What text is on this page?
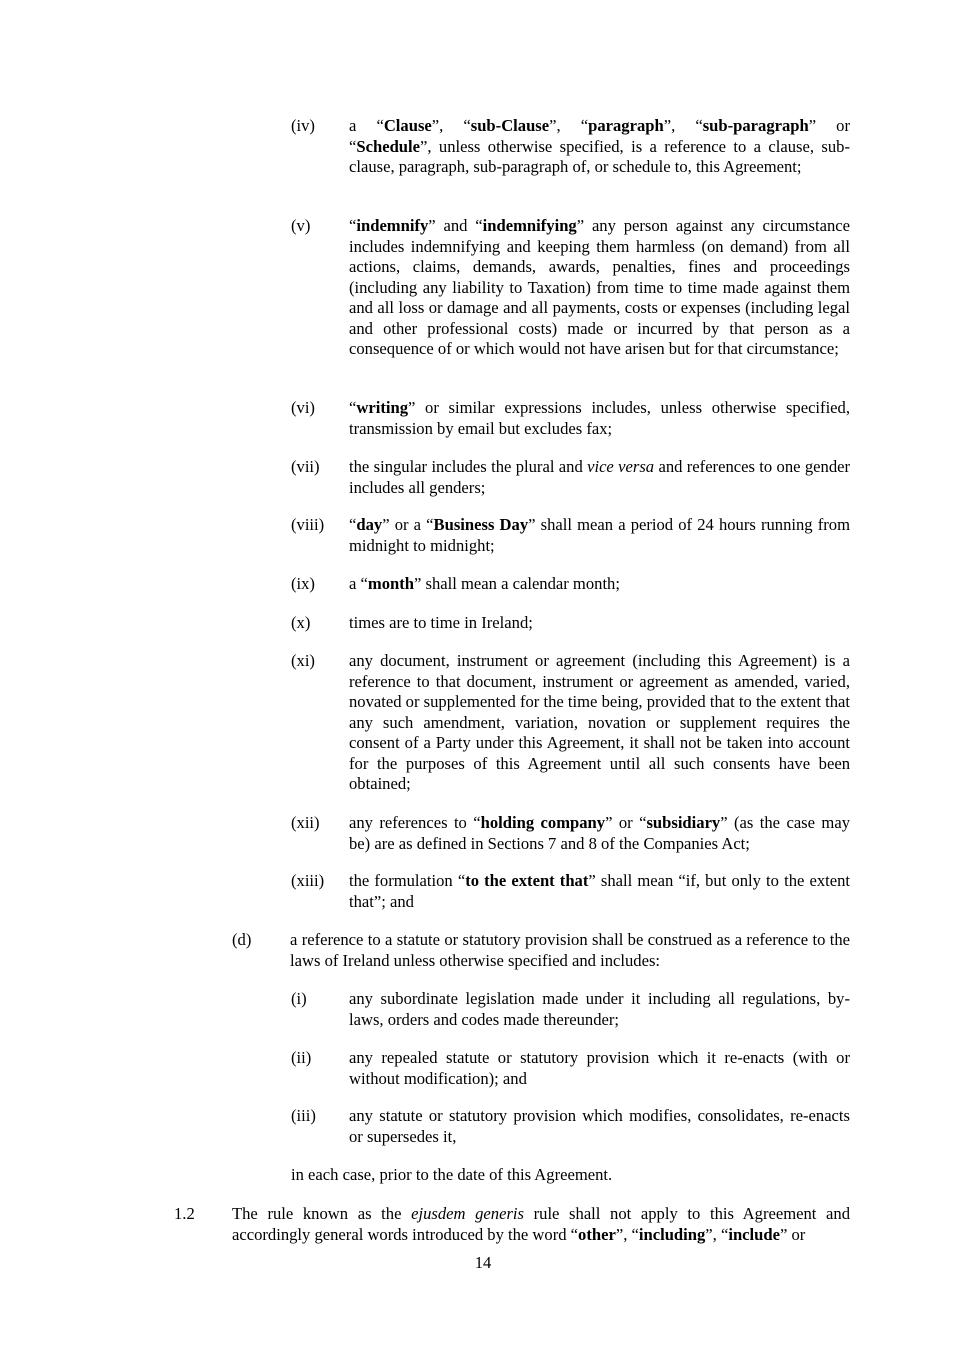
(iv) a “Clause”, “sub-Clause”, “paragraph”, “sub-paragraph” or “Schedule”, unless otherwise specified, is a reference to a clause, sub-clause, paragraph, sub-paragraph of, or schedule to, this Agreement;
(v) “indemnify” and “indemnifying” any person against any circumstance includes indemnifying and keeping them harmless (on demand) from all actions, claims, demands, awards, penalties, fines and proceedings (including any liability to Taxation) from time to time made against them and all loss or damage and all payments, costs or expenses (including legal and other professional costs) made or incurred by that person as a consequence of or which would not have arisen but for that circumstance;
(vi) “writing” or similar expressions includes, unless otherwise specified, transmission by email but excludes fax;
(vii) the singular includes the plural and vice versa and references to one gender includes all genders;
(viii) “day” or a “Business Day” shall mean a period of 24 hours running from midnight to midnight;
(ix) a “month” shall mean a calendar month;
(x) times are to time in Ireland;
(xi) any document, instrument or agreement (including this Agreement) is a reference to that document, instrument or agreement as amended, varied, novated or supplemented for the time being, provided that to the extent that any such amendment, variation, novation or supplement requires the consent of a Party under this Agreement, it shall not be taken into account for the purposes of this Agreement until all such consents have been obtained;
(xii) any references to “holding company” or “subsidiary” (as the case may be) are as defined in Sections 7 and 8 of the Companies Act;
(xiii) the formulation “to the extent that” shall mean “if, but only to the extent that”; and
(d) a reference to a statute or statutory provision shall be construed as a reference to the laws of Ireland unless otherwise specified and includes:
(i)	any subordinate legislation made under it including all regulations, by-laws, orders and codes made thereunder;
(ii) any repealed statute or statutory provision which it re-enacts (with or without modification); and
(iii) any statute or statutory provision which modifies, consolidates, re-enacts or supersedes it,
in each case, prior to the date of this Agreement.
1.2 The rule known as the ejusdem generis rule shall not apply to this Agreement and accordingly general words introduced by the word “other”, “including”, “include” or
14
